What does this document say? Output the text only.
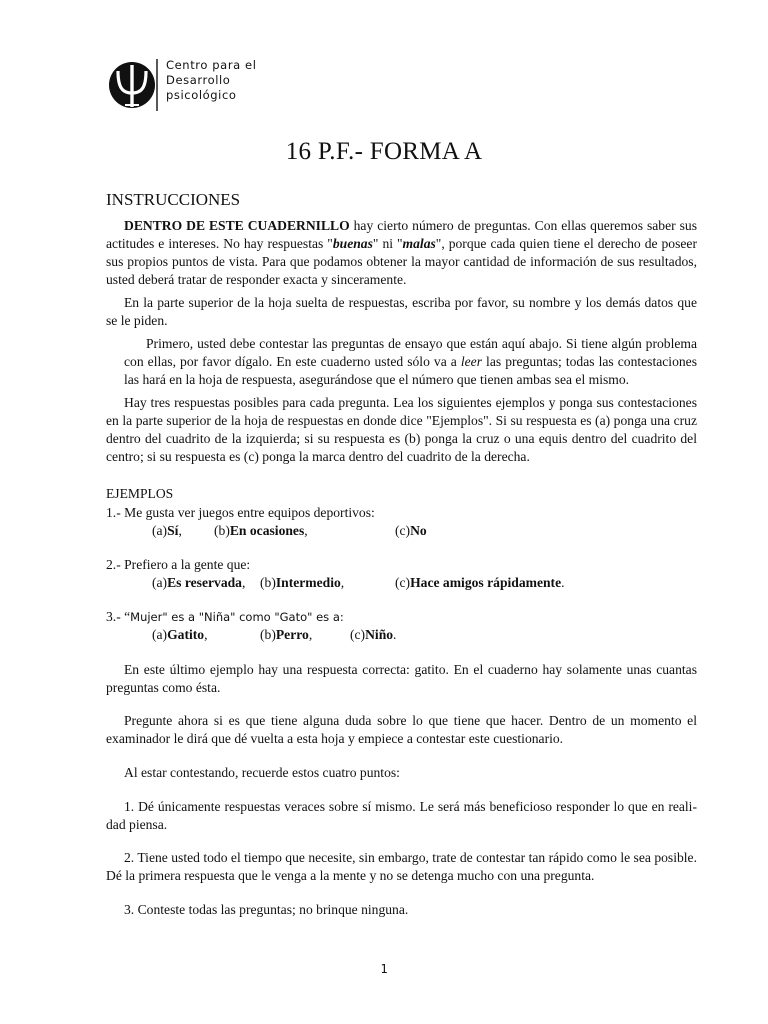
Centro para el
Desarrollo
psicológico
16 P.F.- FORMA A
INSTRUCCIONES

DENTRO DE ESTE CUADERNILLO hay cierto número de preguntas. Con ellas queremos saber sus actitudes e intereses. No hay respuestas "buenas" ni "malas", porque cada quien tiene el derecho de poseer sus propios puntos de vista. Para que podamos obtener la mayor cantidad de información de sus resultados, usted deberá tratar de responder exacta y sinceramente.

En la parte superior de la hoja suelta de respuestas, escriba por favor, su nombre y los demás datos que se le piden.

Primero, usted debe contestar las preguntas de ensayo que están aquí abajo. Si tiene algún problema con ellas, por favor dígalo. En este cuaderno usted sólo va a leer las preguntas; todas las contestaciones las hará en la hoja de respuesta, asegurándose que el número que tienen ambas sea el mismo.

Hay tres respuestas posibles para cada pregunta. Lea los siguientes ejemplos y ponga sus contestaciones en la parte superior de la hoja de respuestas en donde dice "Ejemplos". Si su respuesta es (a) ponga una cruz dentro del cuadrito de la izquierda; si su respuesta es (b) ponga la cruz o una equis dentro del cuadrito del centro; si su respuesta es (c) ponga la marca dentro del cuadrito de la derecha.

EJEMPLOS
1.- Me gusta ver juegos entre equipos deportivos:
(a)Sí, (b)En ocasiones,	(c)No
2.- Prefiero a la gente que:
(a)Es reservada, (b)Intermedio,	(c)Hace amigos rápidamente.
3.- “Mujer" es a "Niña" como "Gato" es a:
(a)Gatito,	(b)Perro,	(c)Niño.

En este último ejemplo hay una respuesta correcta: gatito. En el cuaderno hay solamente unas cuantas preguntas como ésta.

Pregunte ahora si es que tiene alguna duda sobre lo que tiene que hacer. Dentro de un momento el examinador le dirá que dé vuelta a esta hoja y empiece a contestar este cuestionario.

Al estar contestando, recuerde estos cuatro puntos:

1. Dé únicamente respuestas veraces sobre sí mismo. Le será más beneficioso responder lo que en reali-dad piensa.

2. Tiene usted todo el tiempo que necesite, sin embargo, trate de contestar tan rápido como le sea posible. Dé la primera respuesta que le venga a la mente y no se detenga mucho con una pregunta.

3. Conteste todas las preguntas; no brinque ninguna.

1
